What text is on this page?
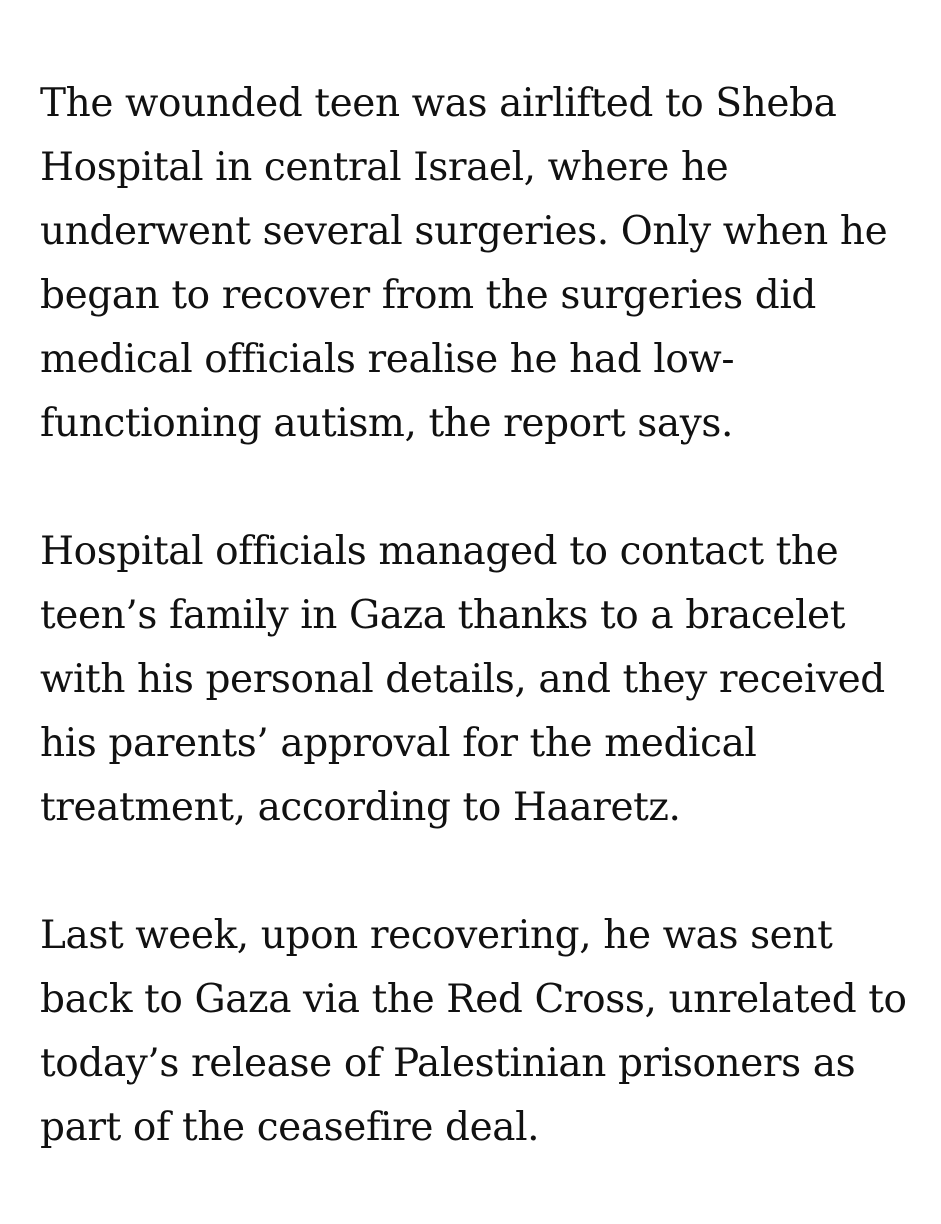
The wounded teen was airlifted to Sheba
Hospital in central Israel, where he
underwent several surgeries. Only when he
began to recover from the surgeries did
medical officials realise he had low-
functioning autism, the report says.

Hospital officials managed to contact the
teen’s family in Gaza thanks to a bracelet
with his personal details, and they received
his parents’ approval for the medical
treatment, according to Haaretz.

Last week, upon recovering, he was sent
back to Gaza via the Red Cross, unrelated to
today’s release of Palestinian prisoners as
part of the ceasefire deal.
